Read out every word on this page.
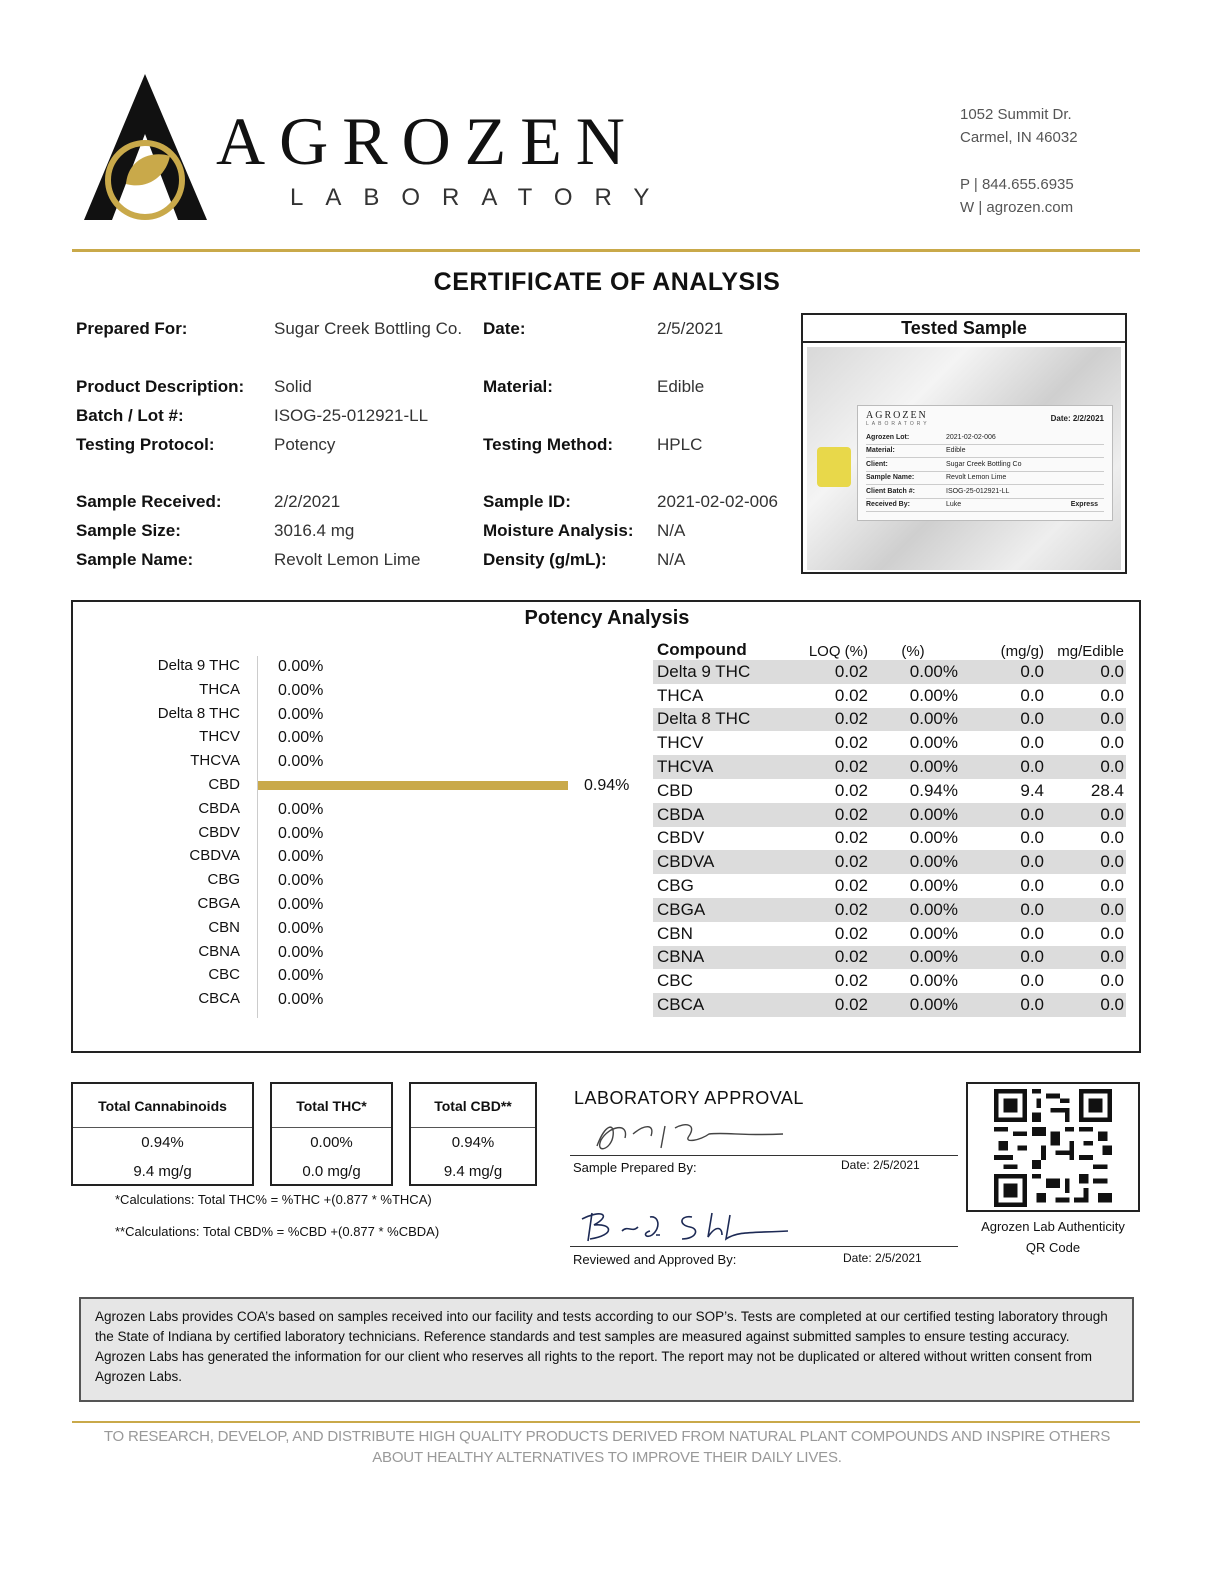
AGROZEN
LABORATORY
1052 Summit Dr.
Carmel, IN 46032
P | 844.655.6935
W | agrozen.com
CERTIFICATE OF ANALYSIS
Prepared For:	Sugar Creek Bottling Co. Date:	2/5/2021
Product Description: Solid	Material:	Edible
Batch / Lot #:	ISOG-25-012921-LL
Testing Protocol:	Potency	Testing Method:	HPLC
Sample Received:	2/2/2021	Sample ID:	2021-02-02-006
Sample Size:	3016.4 mg	Moisture Analysis: N/A
Sample Name:	Revolt Lemon Lime	Density (g/mL):	N/A
Tested Sample
AGROZEN
LABORATORY
Date: 2/2/2021
Agrozen Lot:	2021-02-02-006
Material:	Edible
Client:	Sugar Creek Bottling Co
Sample Name:	Revolt Lemon Lime
Client Batch #:	ISOG-25-012921-LL
Received By:	Luke	Express
Potency Analysis
Delta 9 THC 0.00%
THCA 0.00%
Delta 8 THC 0.00%
THCV 0.00%
THCVA 0.00%
CBD	0.94%
CBDA 0.00%
CBDV 0.00%
CBDVA 0.00%
CBG 0.00%
CBGA 0.00%
CBN 0.00%
CBNA 0.00%
CBC 0.00%
CBCA 0.00%
Compound	LOQ (%)	(%)	(mg/g) mg/Edible
Delta 9 THC	0.02	0.00%	0.0	0.0
THCA	0.02	0.00%	0.0	0.0
Delta 8 THC	0.02	0.00%	0.0	0.0
THCV	0.02	0.00%	0.0	0.0
THCVA	0.02	0.00%	0.0	0.0
CBD	0.02	0.94%	9.4	28.4
CBDA	0.02	0.00%	0.0	0.0
CBDV	0.02	0.00%	0.0	0.0
CBDVA	0.02	0.00%	0.0	0.0
CBG	0.02	0.00%	0.0	0.0
CBGA	0.02	0.00%	0.0	0.0
CBN	0.02	0.00%	0.0	0.0
CBNA	0.02	0.00%	0.0	0.0
CBC	0.02	0.00%	0.0	0.0
CBCA	0.02	0.00%	0.0	0.0
Total Cannabinoids
0.94%
9.4 mg/g
Total THC*
0.00%
0.0 mg/g
Total CBD**
0.94%
9.4 mg/g
*Calculations: Total THC% = %THC +(0.877 * %THCA)
**Calculations: Total CBD% = %CBD +(0.877 * %CBDA)
LABORATORY APPROVAL
Sample Prepared By:	Date: 2/5/2021
Reviewed and Approved By:	Date: 2/5/2021
Agrozen Lab Authenticity
QR Code
Agrozen Labs provides COA’s based on samples received into our facility and tests according to our SOP’s. Tests are completed at our certified testing laboratory through the State of Indiana by certified laboratory technicians. Reference standards and test samples are measured against submitted samples to ensure testing accuracy. Agrozen Labs has generated the information for our client who reserves all rights to the report. The report may not be duplicated or altered without written consent from Agrozen Labs.
TO RESEARCH, DEVELOP, AND DISTRIBUTE HIGH QUALITY PRODUCTS DERIVED FROM NATURAL PLANT COMPOUNDS AND INSPIRE OTHERS
ABOUT HEALTHY ALTERNATIVES TO IMPROVE THEIR DAILY LIVES.
